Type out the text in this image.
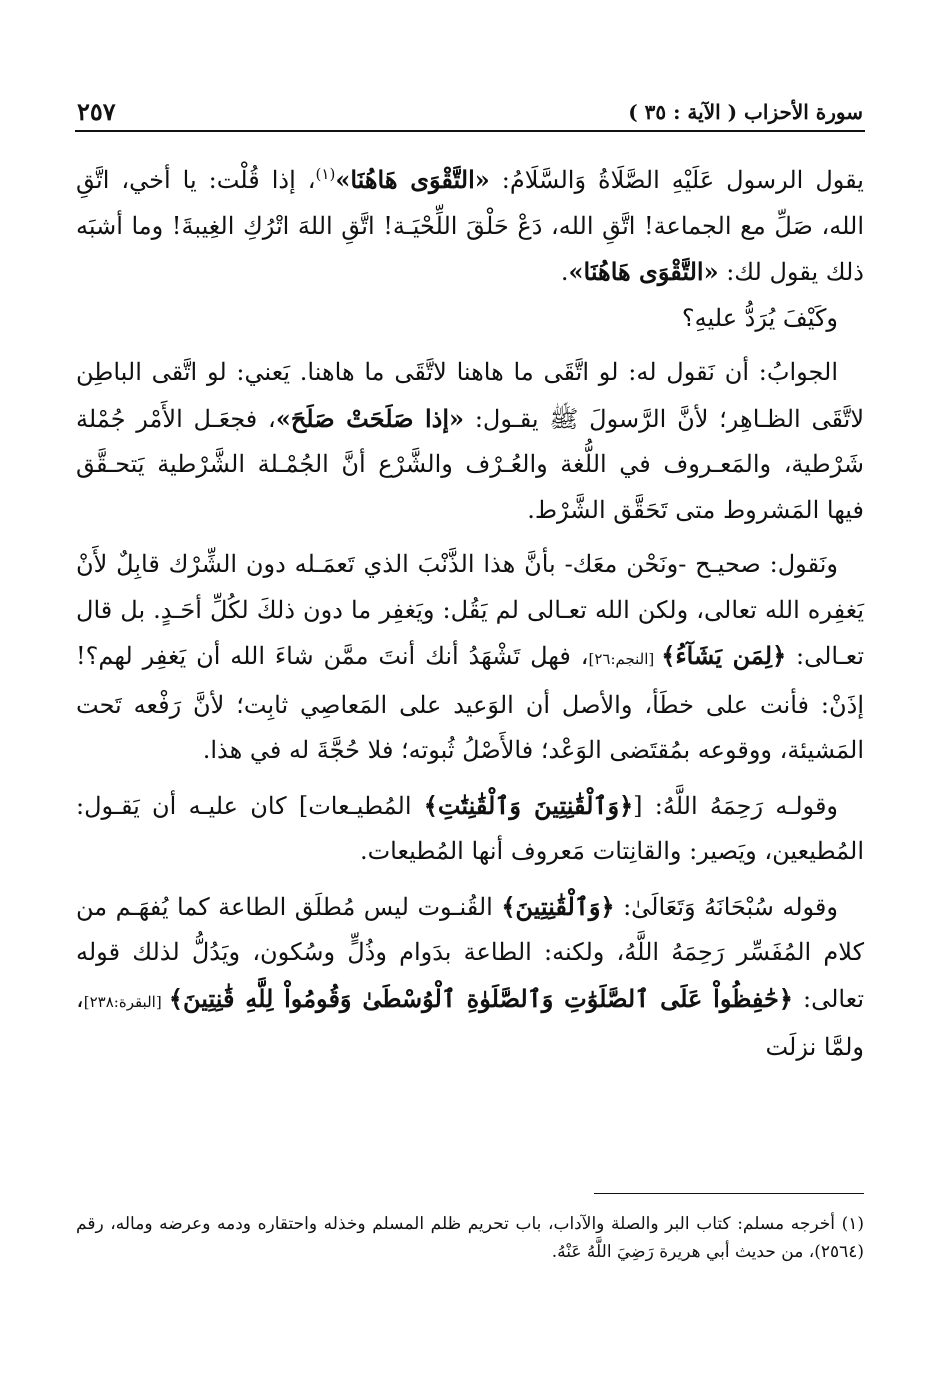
٢٥٧	سورة الأحزاب ( الآية : ٣٥ )

يقول الرسول عَلَيْهِ الصَّلَاةُ وَالسَّلَامُ: «التَّقْوَى هَاهُنَا»$^{(١)}$، إذا قُلْت: يا أخي، اتَّقِ الله، صَلِّ مع الجماعة! اتَّقِ الله، دَعْ حَلْقَ اللِّحْيَـة! اتَّقِ اللهَ اتْرُكِ الغِيبةَ! وما أشبَه ذلك يقول لك: «التَّقْوَى هَاهُنَا».

وكَيْفَ يُرَدُّ عليهِ؟

الجوابُ: أن نَقول له: لو اتَّقَى ما هاهنا لاتَّقَى ما هاهنا. يَعني: لو اتَّقى الباطِن لاتَّقَى الظـاهِر؛ لأنَّ الرَّسولَ ﷺ يقـول: «إذا صَلَحَتْ صَلَحَ»، فجعَـل الأَمْر جُمْلة شَرْطية، والمَعـروف في اللُّغة والعُـرْف والشَّرْع أنَّ الجُمْـلة الشَّرْطية يَتحـقَّق فيها المَشروط متى تَحَقَّق الشَّرْط.

ونَقول: صحيـح -ونَحْن معَك- بأنَّ هذا الذَّنْبَ الذي تَعمَـله دون الشِّرْك قابِلٌ لأَنْ يَغفِره الله تعالى، ولكن الله تعـالى لم يَقُل: ويَغفِر ما دون ذلكَ لكُلِّ أحَـدٍ. بل قال تعـالى: ﴿لِمَن يَشَآءُ﴾ [النجم:٢٦]، فهل تَشْهَدُ أنك أنتَ ممَّن شاءَ الله أن يَغفِر لهم؟! إذَنْ: فأنت على خطَأ، والأصل أن الوَعيد على المَعاصِي ثابِت؛ لأنَّ رَفْعه تَحت المَشيئة، ووقوعه بمُقتَضى الوَعْد؛ فالأَصْلُ ثُبوته؛ فلا حُجَّةَ له في هذا.

وقولـه رَحِمَهُ اللَّهُ: [﴿وَٱلْقَٰنِتِينَ وَٱلْقَٰنِتَٰتِ﴾ المُطيـعات] كان عليـه أن يَقـول: المُطيعين، ويَصير: والقانِتات مَعروف أنها المُطيعات.

وقوله سُبْحَانَهُ وَتَعَالَىٰ: ﴿وَٱلْقَٰنِتِينَ﴾ القُنـوت ليس مُطلَق الطاعة كما يُفهَـم من كلام المُفَسِّر رَحِمَهُ اللَّهُ، ولكنه: الطاعة بدَوام وذُلٍّ وسُكون، ويَدُلُّ لذلك قوله تعالى: ﴿حَٰفِظُواْ عَلَى ٱلصَّلَوَٰتِ وَٱلصَّلَوٰةِ ٱلْوُسْطَىٰ وَقُومُواْ لِلَّهِ قَٰنِتِينَ﴾ [البقرة:٢٣٨]، ولمَّا نزلَت

(١) أخرجه مسلم: كتاب البر والصلة والآداب، باب تحريم ظلم المسلم وخذله واحتقاره ودمه وعرضه وماله، رقم (٢٥٦٤)، من حديث أبي هريرة رَضِيَ اللَّهُ عَنْهُ.
